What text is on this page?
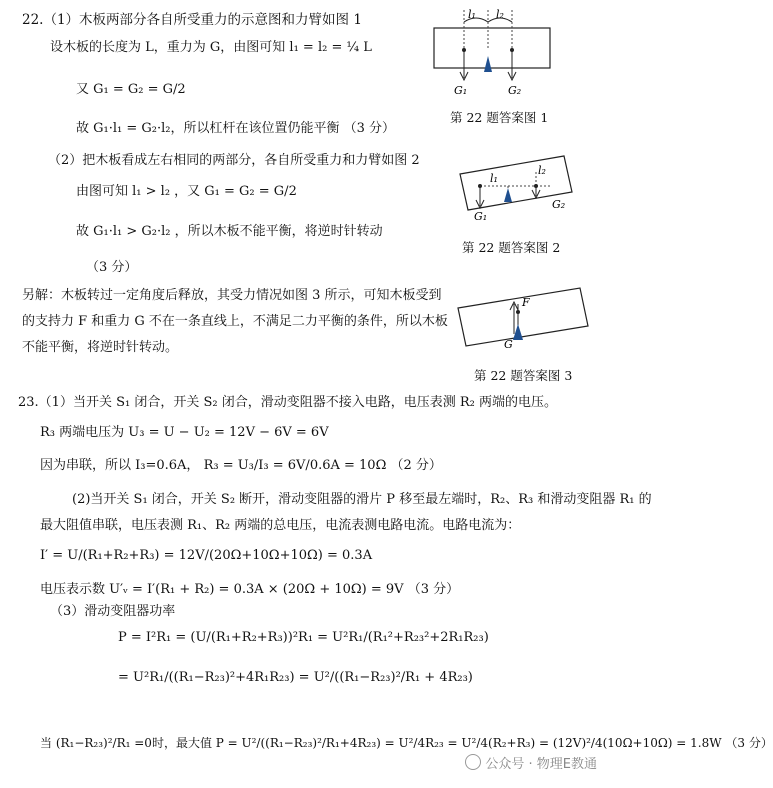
22.（1）木板两部分各自所受重力的示意图和力臂如图 1
设木板的长度为 L，重力为 G，由图可知 l₁ = l₂ = ¼ L
又 G₁ = G₂ = G/2
故 G₁·l₁ = G₂·l₂，所以杠杆在该位置仍能平衡 （3 分）
（2）把木板看成左右相同的两部分，各自所受重力和力臂如图 2
由图可知 l₁ > l₂ ，又 G₁ = G₂ = G/2
故 G₁·l₁ > G₂·l₂ ，所以木板不能平衡，将逆时针转动
（3 分）
另解：木板转过一定角度后释放，其受力情况如图 3 所示，可知木板受到
的支持力 F 和重力 G 不在一条直线上，不满足二力平衡的条件，所以木板
不能平衡，将逆时针转动。
l₁ l₂
G₁	G₂
第 22 题答案图 1
l₁
l₂
G₁
G₂
第 22 题答案图 2
F
G
第 22 题答案图 3
23.（1）当开关 S₁ 闭合，开关 S₂ 闭合，滑动变阻器不接入电路，电压表测 R₂ 两端的电压。
R₃ 两端电压为 U₃ = U − U₂ = 12V − 6V = 6V
因为串联，所以 I₃=0.6A， R₃ = U₃/I₃ = 6V/0.6A = 10Ω （2 分）
(2)当开关 S₁ 闭合，开关 S₂ 断开，滑动变阻器的滑片 P 移至最左端时，R₂、R₃ 和滑动变阻器 R₁ 的
最大阻值串联，电压表测 R₁、R₂ 两端的总电压，电流表测电路电流。电路电流为：
I′ = U/(R₁+R₂+R₃) = 12V/(20Ω+10Ω+10Ω) = 0.3A
电压表示数 U′ᵥ = I′(R₁ + R₂) = 0.3A × (20Ω + 10Ω) = 9V （3 分）
（3）滑动变阻器功率
P = I²R₁ = (U/(R₁+R₂+R₃))²R₁ = U²R₁/(R₁²+R₂₃²+2R₁R₂₃)
= U²R₁/((R₁−R₂₃)²+4R₁R₂₃) = U²/((R₁−R₂₃)²/R₁ + 4R₂₃)
当 (R₁−R₂₃)²/R₁ =0时，最大值 P = U²/((R₁−R₂₃)²/R₁+4R₂₃) = U²/4R₂₃ = U²/4(R₂+R₃) = (12V)²/4(10Ω+10Ω) = 1.8W （3 分）
公众号 · 物理E教通
